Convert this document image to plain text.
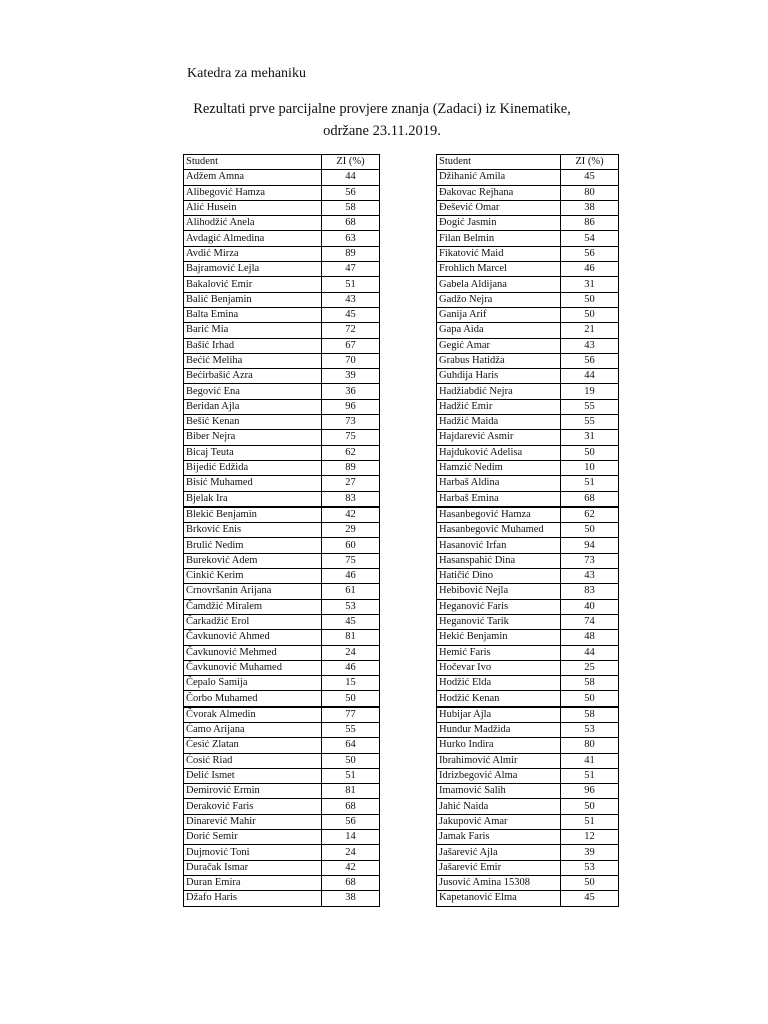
Katedra za mehaniku
Rezultati prve parcijalne provjere znanja (Zadaci) iz Kinematike,
održane 23.11.2019.
Student	ZI (%)
Adžem Amna	44
Alibegović Hamza	56
Alić Husein	58
Alihodžić Anela	68
Avdagić Almedina	63
Avdić Mirza	89
Bajramović Lejla	47
Bakalović Emir	51
Balić Benjamin	43
Balta Emina	45
Barić Mia	72
Bašić Irhad	67
Bećić Meliha	70
Bećirbašić Azra	39
Begović Ena	36
Beridan Ajla	96
Bešić Kenan	73
Biber Nejra	75
Bicaj Teuta	62
Bijedić Edžida	89
Bisić Muhamed	27
Bjelak Ira	83
Blekić Benjamin	42
Brković Enis	29
Brulić Nedim	60
Bureković Adem	75
Cinkić Kerim	46
Crnovršanin Arijana	61
Čamdžić Miralem	53
Čarkadžić Erol	45
Čavkunović Ahmed	81
Čavkunović Mehmed	24
Čavkunović Muhamed	46
Čepalo Samija	15
Čorbo Muhamed	50
Čvorak Almedin	77
Ćamo Arijana	55
Ćesić Zlatan	64
Ćosić Riad	50
Delić Ismet	51
Demirović Ermin	81
Deraković Faris	68
Dinarević Mahir	56
Dorić Semir	14
Dujmović Toni	24
Duračak Ismar	42
Duran Emira	68
Džafo Haris	38
Student	ZI (%)
Džihanić Amila	45
Đakovac Rejhana	80
Đešević Omar	38
Đogić Jasmin	86
Filan Belmin	54
Fikatović Maid	56
Frohlich Marcel	46
Gabela Aldijana	31
Gadžo Nejra	50
Ganija Arif	50
Gapa Aida	21
Gegić Amar	43
Grabus Hatidža	56
Guhdija Haris	44
Hadžiabdić Nejra	19
Hadžić Emir	55
Hadžić Maida	55
Hajdarević Asmir	31
Hajduković Adelisa	50
Hamzić Nedim	10
Harbaš Aldina	51
Harbaš Emina	68
Hasanbegović Hamza	62
Hasanbegović Muhamed	50
Hasanović Irfan	94
Hasanspahić Dina	73
Hatičić Dino	43
Hebibović Nejla	83
Heganović Faris	40
Heganović Tarik	74
Hekić Benjamin	48
Hemić Faris	44
Hočevar Ivo	25
Hodžić Elda	58
Hodžić Kenan	50
Hubijar Ajla	58
Hundur Madžida	53
Hurko Indira	80
Ibrahimović Almir	41
Idrizbegović Alma	51
Imamović Salih	96
Jahić Naida	50
Jakupović Amar	51
Jamak Faris	12
Jašarević Ajla	39
Jašarević Emir	53
Jusović Amina 15308	50
Kapetanović Elma	45
